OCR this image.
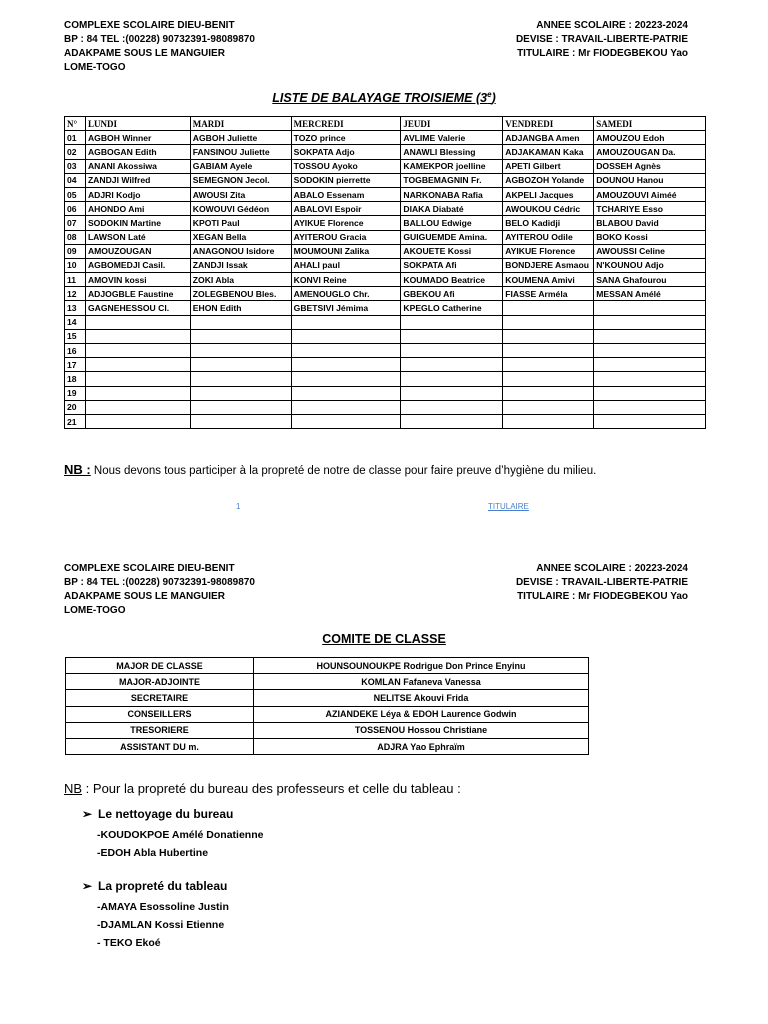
COMPLEXE SCOLAIRE DIEU-BENIT
BP : 84 TEL :(00228) 90732391-98089870
ADAKPAME SOUS LE MANGUIER
LOME-TOGO
ANNEE SCOLAIRE : 20223-2024
DEVISE : TRAVAIL-LIBERTE-PATRIE
TITULAIRE : Mr FIODEGBEKOU Yao
LISTE DE BALAYAGE TROISIEME (3e)
N°	LUNDI	MARDI	MERCREDI	JEUDI	VENDREDI	SAMEDI
01	AGBOH Winner	AGBOH Juliette	TOZO prince	AVLIME Valerie	ADJANGBA Amen	AMOUZOU Edoh
02	AGBOGAN Edith	FANSINOU Juliette	SOKPATA Adjo	ANAWLI Blessing	ADJAKAMAN Kaka	AMOUZOUGAN Da.
03	ANANI Akossiwa	GABIAM Ayele	TOSSOU Ayoko	KAMEKPOR joelline	APETI Gilbert	DOSSEH Agnès
04	ZANDJI Wilfred	SEMEGNON Jecol.	SODOKIN pierrette	TOGBEMAGNIN Fr.	AGBOZOH Yolande	DOUNOU Hanou
05	ADJRI Kodjo	AWOUSI Zita	ABALO Essenam	NARKONABA Rafia	AKPELI Jacques	AMOUZOUVI Aiméé
06	AHONDO Ami	KOWOUVI Gédéon	ABALOVI Espoir	DIAKA Diabaté	AWOUKOU Cédric	TCHARIYE Esso
07	SODOKIN Martine	KPOTI Paul	AYIKUE Florence	BALLOU Edwige	BELO Kadidji	BLABOU David
08	LAWSON Laté	XEGAN Bella	AYITEROU Gracia	GUIGUEMDE Amina.	AYITEROU Odile	BOKO Kossi
09	AMOUZOUGAN	ANAGONOU Isidore	MOUMOUNI Zalika	AKOUETE Kossi	AYIKUE Florence	AWOUSSI Celine
10	AGBOMEDJI Casil.	ZANDJI Issak	AHALI paul	SOKPATA Afi	BONDJERE Asmaou	N'KOUNOU Adjo
11	AMOVIN kossi	ZOKI Abla	KONVI Reine	KOUMADO Beatrice	KOUMENA Amivi	SANA Ghafourou
12	ADJOGBLE Faustine	ZOLEGBENOU Bles.	AMENOUGLO Chr.	GBEKOU Afi	FIASSE Arméla	MESSAN Amélé
13	GAGNEHESSOU Cl.	EHON Edith	GBETSIVI Jémima	KPEGLO Catherine		
14						
15						
16						
17						
18						
19						
20						
21						
NB : Nous devons tous participer à la propreté de notre de classe pour faire preuve d’hygiène du milieu.
1	TITULAIRE
COMPLEXE SCOLAIRE DIEU-BENIT
BP : 84 TEL :(00228) 90732391-98089870
ADAKPAME SOUS LE MANGUIER
LOME-TOGO
ANNEE SCOLAIRE : 20223-2024
DEVISE : TRAVAIL-LIBERTE-PATRIE
TITULAIRE : Mr FIODEGBEKOU Yao
COMITE DE CLASSE
MAJOR DE CLASSE	HOUNSOUNOUKPE Rodrigue Don Prince Enyinu
MAJOR-ADJOINTE	KOMLAN Fafaneva Vanessa
SECRETAIRE	NELITSE Akouvi Frida
CONSEILLERS	AZIANDEKE Léya & EDOH Laurence Godwin
TRESORIERE	TOSSENOU Hossou Christiane
ASSISTANT DU m.	ADJRA Yao Ephraïm
NB : Pour la propreté du bureau des professeurs et celle du tableau :
➢ Le nettoyage du bureau
-KOUDOKPOE Amélé Donatienne
-EDOH Abla Hubertine
➢ La propreté du tableau
-AMAYA Esossoline Justin
-DJAMLAN Kossi Etienne
- TEKO Ekoé
